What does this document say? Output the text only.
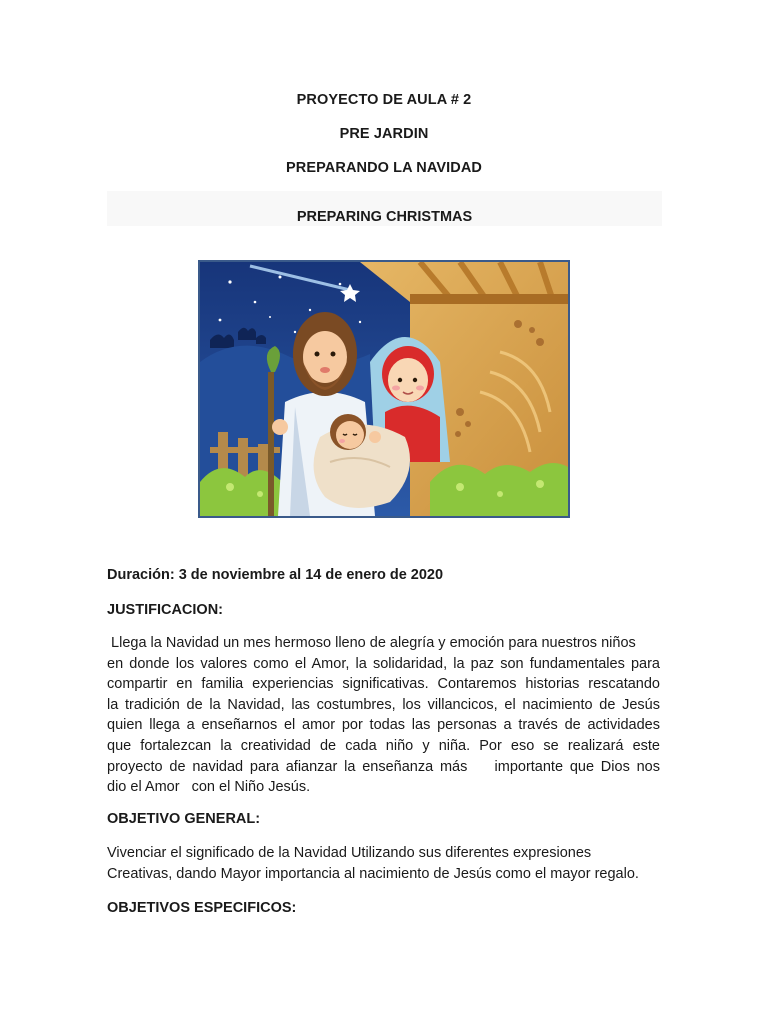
PROYECTO DE AULA # 2
PRE JARDIN
PREPARANDO LA NAVIDAD
PREPARING CHRISTMAS
Duración: 3 de noviembre al 14 de enero de 2020
JUSTIFICACION:
Llega la Navidad un mes hermoso lleno de alegría y emoción para nuestros niños
en donde los valores como el Amor, la solidaridad, la paz son fundamentales para
compartir en familia experiencias significativas. Contaremos historias rescatando
la tradición de la Navidad, las costumbres, los villancicos, el nacimiento de Jesús
quien llega a enseñarnos el amor por todas las personas a través de actividades
que fortalezcan la creatividad de cada niño y niña. Por eso se realizará este
proyecto de navidad para afianzar la enseñanza más    importante que Dios nos
dio el Amor   con el Niño Jesús.
OBJETIVO GENERAL:
Vivenciar el significado de la Navidad Utilizando sus diferentes expresiones
Creativas, dando Mayor importancia al nacimiento de Jesús como el mayor regalo.
OBJETIVOS ESPECIFICOS:
